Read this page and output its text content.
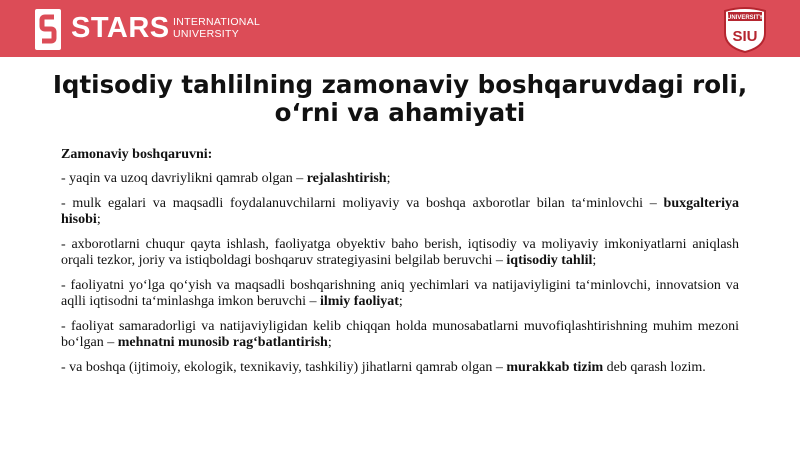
STARS INTERNATIONAL
UNIVERSITY
UNIVERSITY
SIU
Iqtisodiy tahlilning zamonaviy boshqaruvdagi roli,
o‘rni va ahamiyati
Zamonaviy boshqaruvni:
- yaqin va uzoq davriylikni qamrab olgan – rejalashtirish;
- mulk egalari va maqsadli foydalanuvchilarni moliyaviy va boshqa axborotlar bilan ta‘minlovchi – buxgalteriya hisobi;
- axborotlarni chuqur qayta ishlash, faoliyatga obyektiv baho berish, iqtisodiy va moliyaviy imkoniyatlarni aniqlash orqali tezkor, joriy va istiqboldagi boshqaruv strategiyasini belgilab beruvchi – iqtisodiy tahlil;
- faoliyatni yo‘lga qo‘yish va maqsadli boshqarishning aniq yechimlari va natijaviyligini ta‘minlovchi, innovatsion va aqlli iqtisodni ta‘minlashga imkon beruvchi – ilmiy faoliyat;
- faoliyat samaradorligi va natijaviyligidan kelib chiqqan holda munosabatlarni muvofiqlashtirishning muhim mezoni bo‘lgan – mehnatni munosib rag‘batlantirish;
- va boshqa (ijtimoiy, ekologik, texnikaviy, tashkiliy) jihatlarni qamrab olgan – murakkab tizim deb qarash lozim.
